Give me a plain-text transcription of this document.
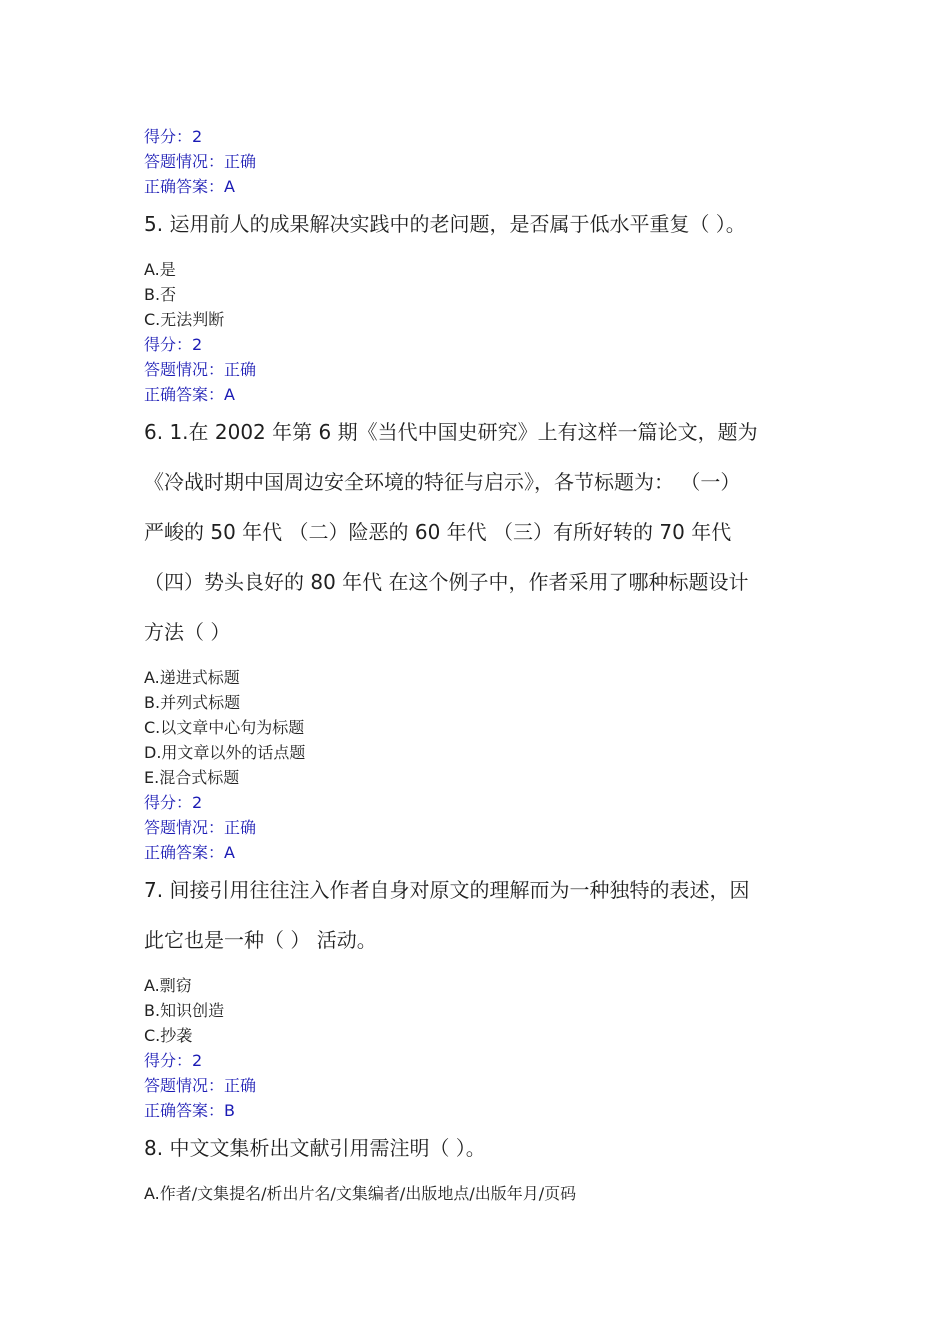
得分：2
答题情况：正确
正确答案：A
5. 运用前人的成果解决实践中的老问题，是否属于低水平重复（ ）。
A.是
B.否
C.无法判断
得分：2
答题情况：正确
正确答案：A
6. 1.在 2002 年第 6 期《当代中国史研究》上有这样一篇论文，题为
《冷战时期中国周边安全环境的特征与启示》，各节标题为： （一）
严峻的 50 年代 （二）险恶的 60 年代 （三）有所好转的 70 年代
（四）势头良好的 80 年代 在这个例子中，作者采用了哪种标题设计
方法（ ）
A.递进式标题
B.并列式标题
C.以文章中心句为标题
D.用文章以外的话点题
E.混合式标题
得分：2
答题情况：正确
正确答案：A
7. 间接引用往往注入作者自身对原文的理解而为一种独特的表述，因
此它也是一种（ ） 活动。
A.剽窃
B.知识创造
C.抄袭
得分：2
答题情况：正确
正确答案：B
8. 中文文集析出文献引用需注明（ ）。
A.作者/文集提名/析出片名/文集编者/出版地点/出版年月/页码
